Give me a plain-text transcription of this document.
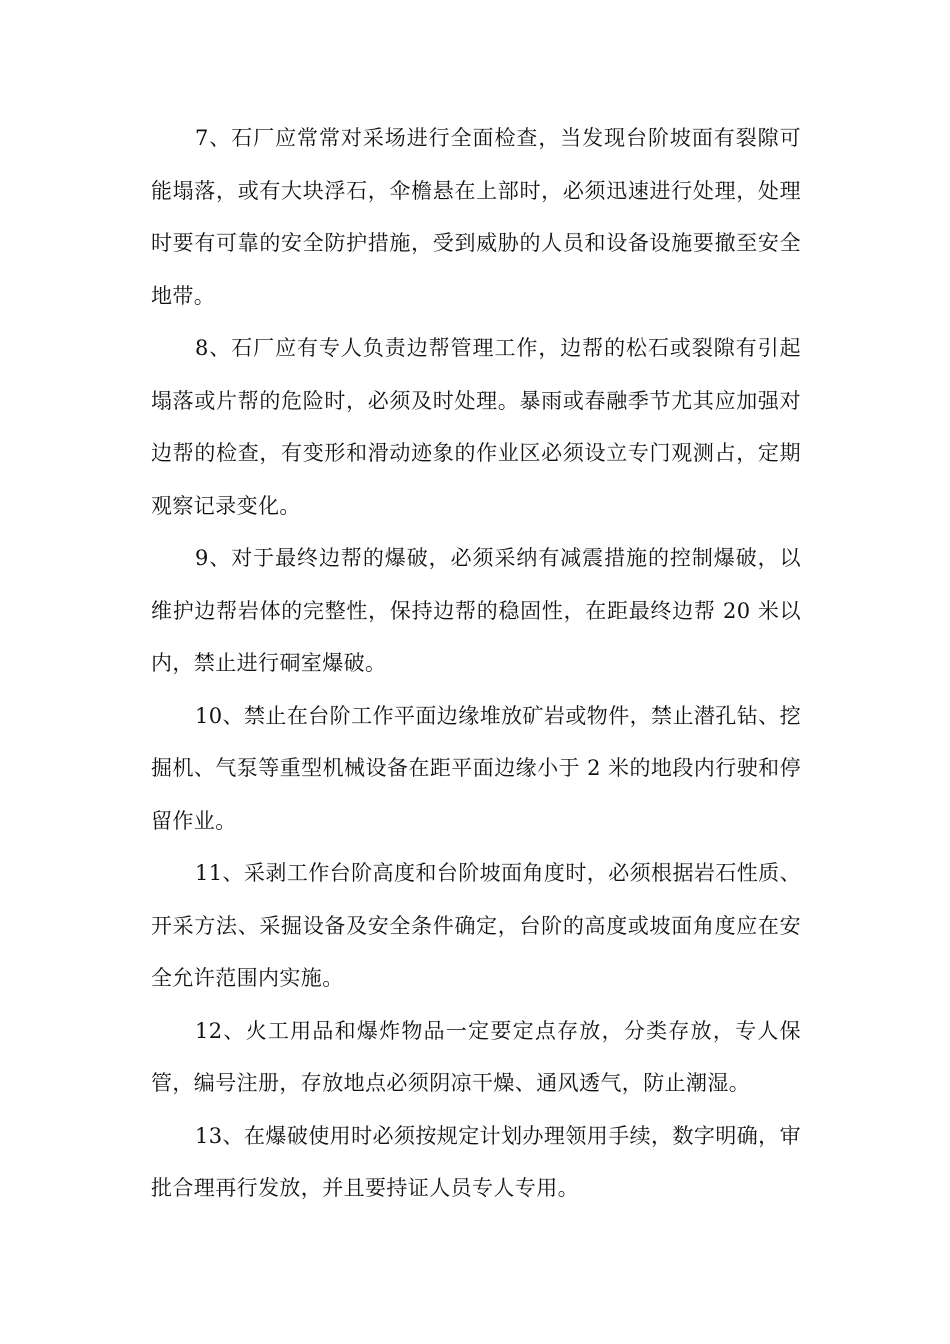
7、石厂应常常对采场进行全面检查，当发现台阶坡面有裂隙可能塌落，或有大块浮石，伞檐悬在上部时，必须迅速进行处理，处理时要有可靠的安全防护措施，受到威胁的人员和设备设施要撤至安全地带。

8、石厂应有专人负责边帮管理工作，边帮的松石或裂隙有引起塌落或片帮的危险时，必须及时处理。暴雨或春融季节尤其应加强对边帮的检查，有变形和滑动迹象的作业区必须设立专门观测占，定期观察记录变化。

9、对于最终边帮的爆破，必须采纳有减震措施的控制爆破，以维护边帮岩体的完整性，保持边帮的稳固性，在距最终边帮 20 米以内，禁止进行硐室爆破。

10、禁止在台阶工作平面边缘堆放矿岩或物件，禁止潜孔钻、挖掘机、气泵等重型机械设备在距平面边缘小于 2 米的地段内行驶和停留作业。

11、采剥工作台阶高度和台阶坡面角度时，必须根据岩石性质、开采方法、采掘设备及安全条件确定，台阶的高度或坡面角度应在安全允许范围内实施。

12、火工用品和爆炸物品一定要定点存放，分类存放，专人保管，编号注册，存放地点必须阴凉干燥、通风透气，防止潮湿。

13、在爆破使用时必须按规定计划办理领用手续，数字明确，审批合理再行发放，并且要持证人员专人专用。
